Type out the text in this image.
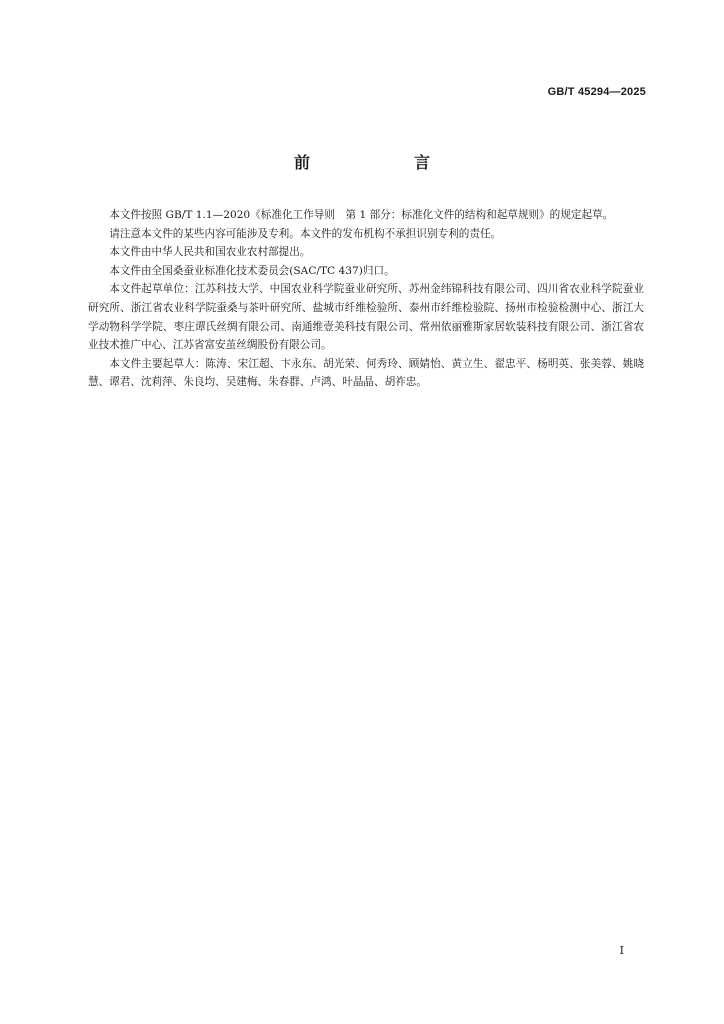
GB/T 45294—2025
前　言

本文件按照 GB/T 1.1—2020《标准化工作导则　第 1 部分：标准化文件的结构和起草规则》的规定起草。

请注意本文件的某些内容可能涉及专利。本文件的发布机构不承担识别专利的责任。

本文件由中华人民共和国农业农村部提出。

本文件由全国桑蚕业标准化技术委员会(SAC/TC 437)归口。

本文件起草单位：江苏科技大学、中国农业科学院蚕业研究所、苏州金纬锦科技有限公司、四川省农业科学院蚕业研究所、浙江省农业科学院蚕桑与茶叶研究所、盐城市纤维检验所、泰州市纤维检验院、扬州市检验检测中心、浙江大学动物科学学院、枣庄谭氏丝绸有限公司、南通维壹美科技有限公司、常州依丽雅斯家居软装科技有限公司、浙江省农业技术推广中心、江苏省富安茧丝绸股份有限公司。

本文件主要起草人：陈涛、宋江超、卞永东、胡光荣、何秀玲、顾婧怡、黄立生、翟忠平、杨明英、张美蓉、姚晓慧、谭君、沈莉萍、朱良均、吴建梅、朱春群、卢鸿、叶晶晶、胡祚忠。

I
